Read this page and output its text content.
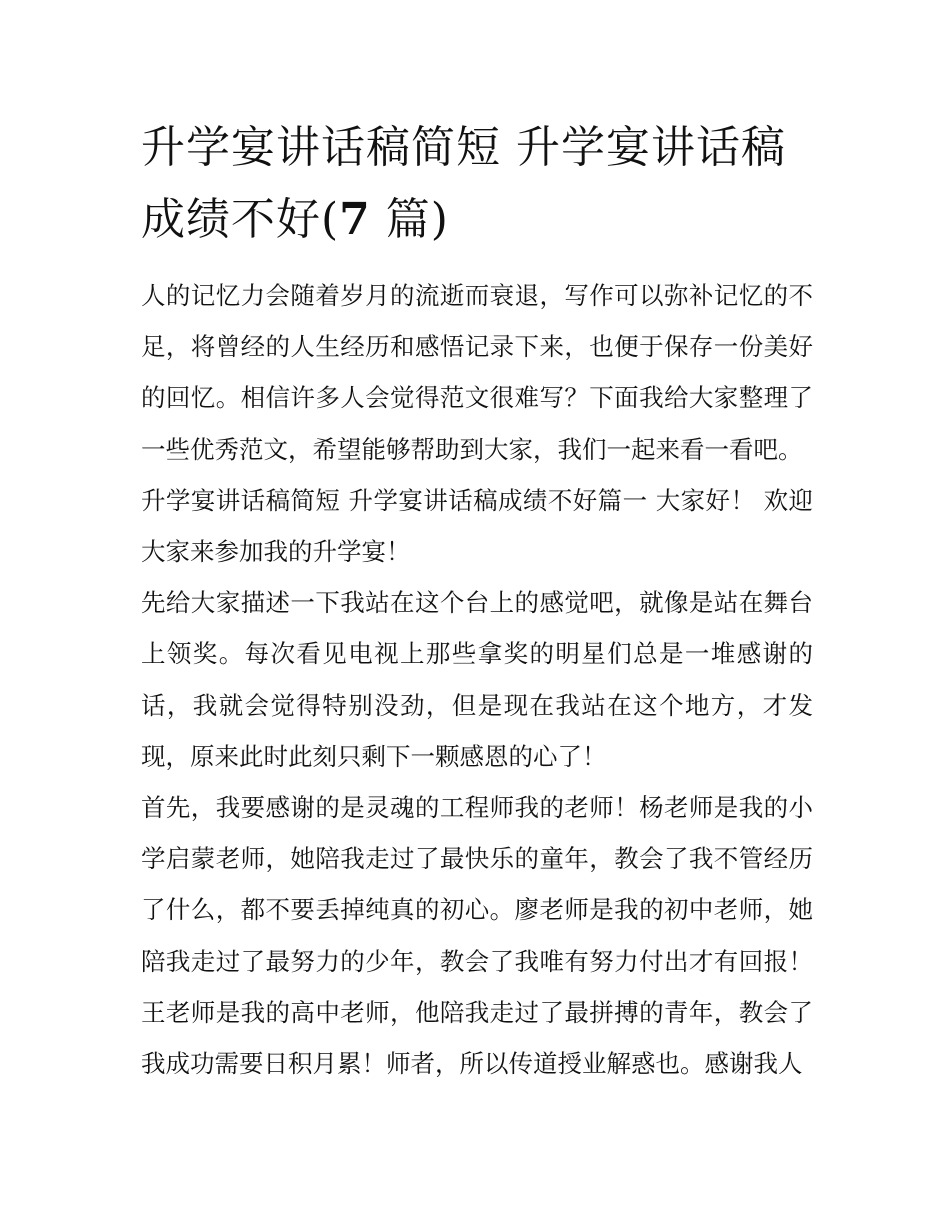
升学宴讲话稿简短 升学宴讲话稿成绩不好(7 篇)

人的记忆力会随着岁月的流逝而衰退，写作可以弥补记忆的不足，将曾经的人生经历和感悟记录下来，也便于保存一份美好的回忆。相信许多人会觉得范文很难写？下面我给大家整理了一些优秀范文，希望能够帮助到大家，我们一起来看一看吧。

升学宴讲话稿简短 升学宴讲话稿成绩不好篇一 大家好！ 欢迎大家来参加我的升学宴！

先给大家描述一下我站在这个台上的感觉吧，就像是站在舞台上领奖。每次看见电视上那些拿奖的明星们总是一堆感谢的话，我就会觉得特别没劲，但是现在我站在这个地方，才发现，原来此时此刻只剩下一颗感恩的心了！

首先，我要感谢的是灵魂的工程师我的老师！杨老师是我的小学启蒙老师，她陪我走过了最快乐的童年，教会了我不管经历了什么，都不要丢掉纯真的初心。廖老师是我的初中老师，她陪我走过了最努力的少年，教会了我唯有努力付出才有回报！王老师是我的高中老师，他陪我走过了最拼搏的青年，教会了我成功需要日积月累！师者，所以传道授业解惑也。感谢我人
